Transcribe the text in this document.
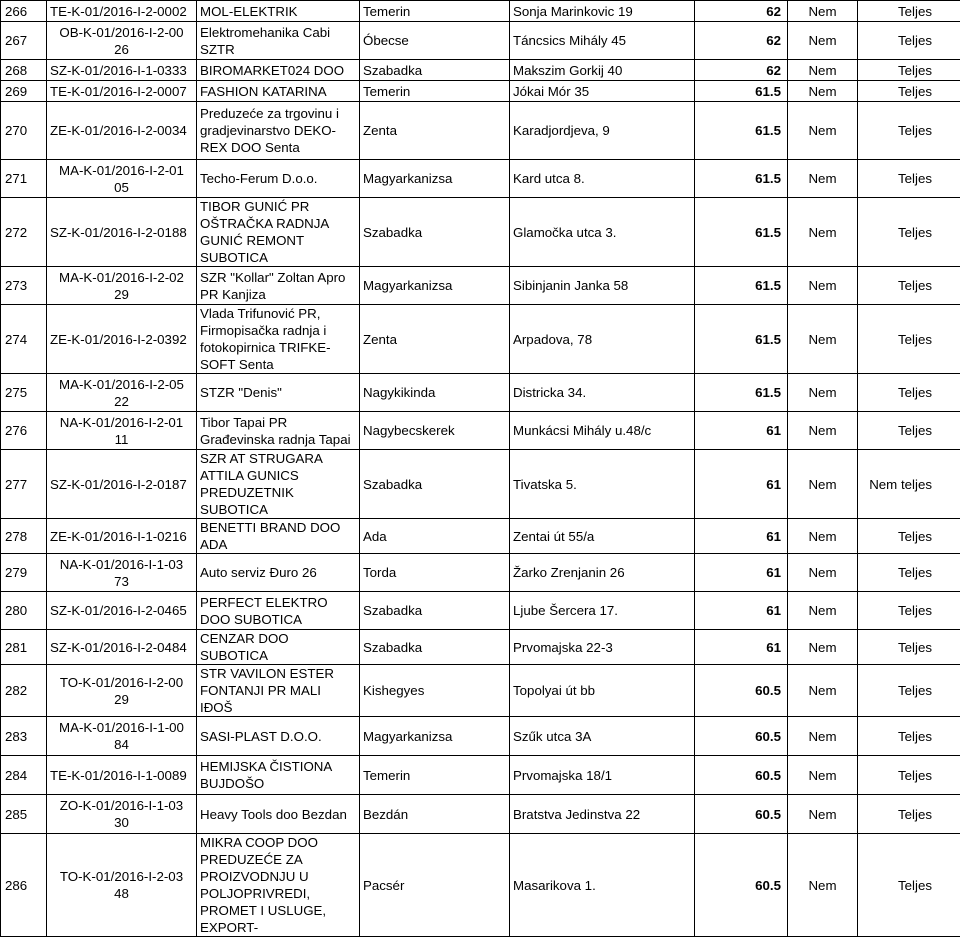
266	TE-K-01/2016-I-2-0002	MOL-ELEKTRIK	Temerin	Sonja Marinkovic 19	62	Nem	Teljes
267	OB-K-01/2016-I-2-0026	Elektromehanika Cabi SZTR	Óbecse	Táncsics Mihály 45	62	Nem	Teljes
268	SZ-K-01/2016-I-1-0333	BIROMARKET024 DOO	Szabadka	Makszim Gorkij 40	62	Nem	Teljes
269	TE-K-01/2016-I-2-0007	FASHION KATARINA	Temerin	Jókai Mór 35	61.5	Nem	Teljes
270	ZE-K-01/2016-I-2-0034	Preduzeće za trgovinu i gradjevinarstvo DEKO-REX DOO Senta	Zenta	Karadjordjeva, 9	61.5	Nem	Teljes
271	MA-K-01/2016-I-2-0105	Techo-Ferum D.o.o.	Magyarkanizsa	Kard utca 8.	61.5	Nem	Teljes
272	SZ-K-01/2016-I-2-0188	TIBOR GUNIĆ PR OŠTRAČKA RADNJA GUNIĆ REMONT SUBOTICA	Szabadka	Glamočka utca 3.	61.5	Nem	Teljes
273	MA-K-01/2016-I-2-0229	SZR "Kollar" Zoltan Apro PR Kanjiza	Magyarkanizsa	Sibinjanin Janka 58	61.5	Nem	Teljes
274	ZE-K-01/2016-I-2-0392	Vlada Trifunović PR, Firmopisačka radnja i fotokopirnica TRIFKE-SOFT Senta	Zenta	Arpadova, 78	61.5	Nem	Teljes
275	MA-K-01/2016-I-2-0522	STZR "Denis"	Nagykikinda	Districka 34.	61.5	Nem	Teljes
276	NA-K-01/2016-I-2-0111	Tibor Tapai PR Građevinska radnja Tapai	Nagybecskerek	Munkácsi Mihály u.48/c	61	Nem	Teljes
277	SZ-K-01/2016-I-2-0187	SZR AT STRUGARA ATTILA GUNICS PREDUZETNIK SUBOTICA	Szabadka	Tivatska 5.	61	Nem	Nem teljes
278	ZE-K-01/2016-I-1-0216	BENETTI BRAND DOO ADA	Ada	Zentai út 55/a	61	Nem	Teljes
279	NA-K-01/2016-I-1-0373	Auto serviz Đuro 26	Torda	Žarko Zrenjanin 26	61	Nem	Teljes
280	SZ-K-01/2016-I-2-0465	PERFECT ELEKTRO DOO SUBOTICA	Szabadka	Ljube Šercera 17.	61	Nem	Teljes
281	SZ-K-01/2016-I-2-0484	CENZAR DOO SUBOTICA	Szabadka	Prvomajska 22-3	61	Nem	Teljes
282	TO-K-01/2016-I-2-0029	STR VAVILON ESTER FONTANJI PR MALI IĐOŠ	Kishegyes	Topolyai út bb	60.5	Nem	Teljes
283	MA-K-01/2016-I-1-0084	SASI-PLAST D.O.O.	Magyarkanizsa	Szűk utca 3A	60.5	Nem	Teljes
284	TE-K-01/2016-I-1-0089	HEMIJSKA ČISTIONA BUJDOŠO	Temerin	Prvomajska 18/1	60.5	Nem	Teljes
285	ZO-K-01/2016-I-1-0330	Heavy Tools doo Bezdan	Bezdán	Bratstva Jedinstva 22	60.5	Nem	Teljes
286	TO-K-01/2016-I-2-0348	MIKRA COOP DOO PREDUZEĆE ZA PROIZVODNJU U POLJOPRIVREDI, PROMET I USLUGE, EXPORT-	Pacsér	Masarikova 1.	60.5	Nem	Teljes
